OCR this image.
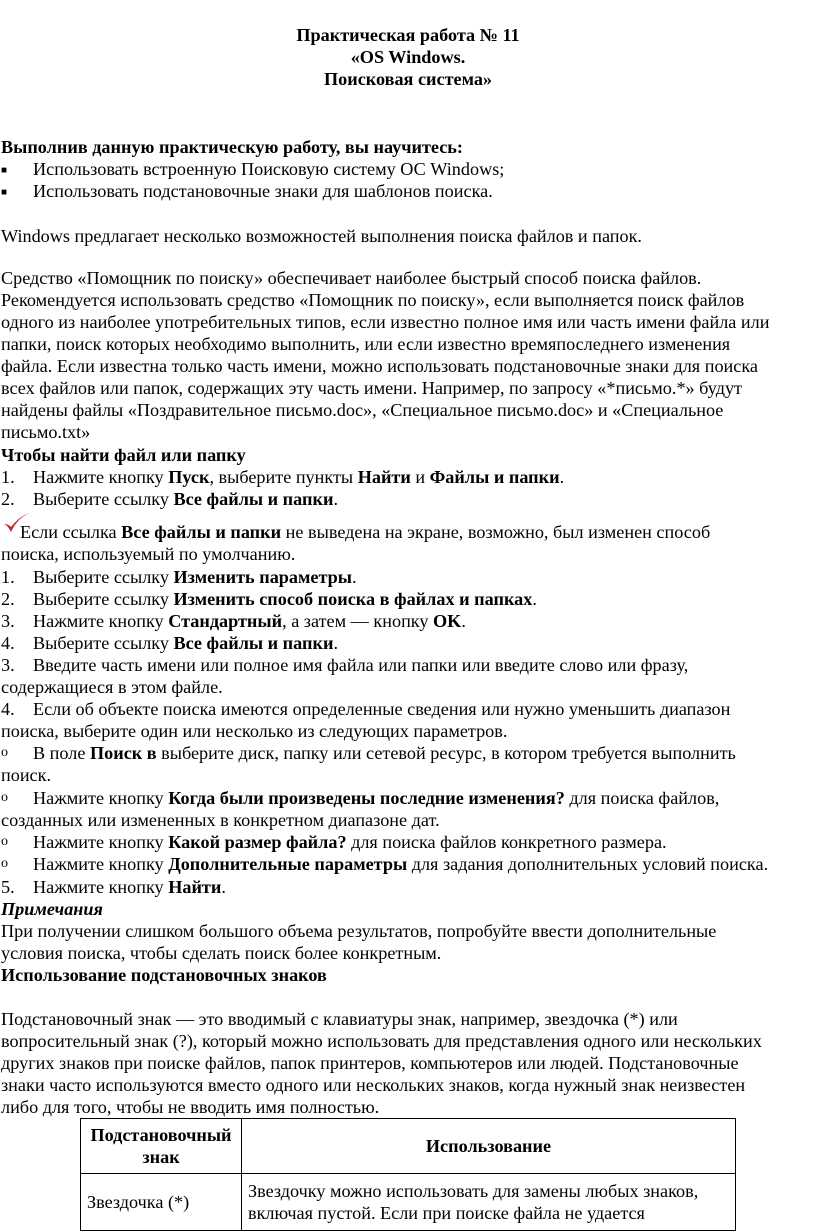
Практическая работа № 11
«OS Windows.
Поисковая система»
Выполнив данную практическую работу, вы научитесь:
■ Использовать встроенную Поисковую систему ОС Windows;
■ Использовать подстановочные знаки для шаблонов поиска.
Windows предлагает несколько возможностей выполнения поиска файлов и папок.
Средство «Помощник по поиску» обеспечивает наиболее быстрый способ поиска файлов.
Рекомендуется использовать средство «Помощник по поиску», если выполняется поиск файлов
одного из наиболее употребительных типов, если известно полное имя или часть имени файла или
папки, поиск которых необходимо выполнить, или если известно времяпоследнего изменения
файла. Если известна только часть имени, можно использовать подстановочные знаки для поиска
всех файлов или папок, содержащих эту часть имени. Например, по запросу «*письмо.*» будут
найдены файлы «Поздравительное письмо.doc», «Специальное письмо.doc» и «Специальное
письмо.txt»
Чтобы найти файл или папку
1. Нажмите кнопку Пуск, выберите пункты Найти и Файлы и папки.
2. Выберите ссылку Все файлы и папки.
Если ссылка Все файлы и папки не выведена на экране, возможно, был изменен способ
поиска, используемый по умолчанию.
1. Выберите ссылку Изменить параметры.
2. Выберите ссылку Изменить способ поиска в файлах и папках.
3. Нажмите кнопку Стандартный, а затем — кнопку OK.
4. Выберите ссылку Все файлы и папки.
3. Введите часть имени или полное имя файла или папки или введите слово или фразу,
содержащиеся в этом файле.
4. Если об объекте поиска имеются определенные сведения или нужно уменьшить диапазон
поиска, выберите один или несколько из следующих параметров.
o В поле Поиск в выберите диск, папку или сетевой ресурс, в котором требуется выполнить
поиск.
o Нажмите кнопку Когда были произведены последние изменения? для поиска файлов,
созданных или измененных в конкретном диапазоне дат.
o Нажмите кнопку Какой размер файла? для поиска файлов конкретного размера.
o Нажмите кнопку Дополнительные параметры для задания дополнительных условий поиска.
5. Нажмите кнопку Найти.
Примечания
При получении слишком большого объема результатов, попробуйте ввести дополнительные
условия поиска, чтобы сделать поиск более конкретным.
Использование подстановочных знаков
Подстановочный знак — это вводимый с клавиатуры знак, например, звездочка (*) или
вопросительный знак (?), который можно использовать для представления одного или нескольких
других знаков при поиске файлов, папок принтеров, компьютеров или людей. Подстановочные
знаки часто используются вместо одного или нескольких знаков, когда нужный знак неизвестен
либо для того, чтобы не вводить имя полностью.
Подстановочный
знак	Использование
Звездочка (*)	Звездочку можно использовать для замены любых знаков,
включая пустой. Если при поиске файла не удается
